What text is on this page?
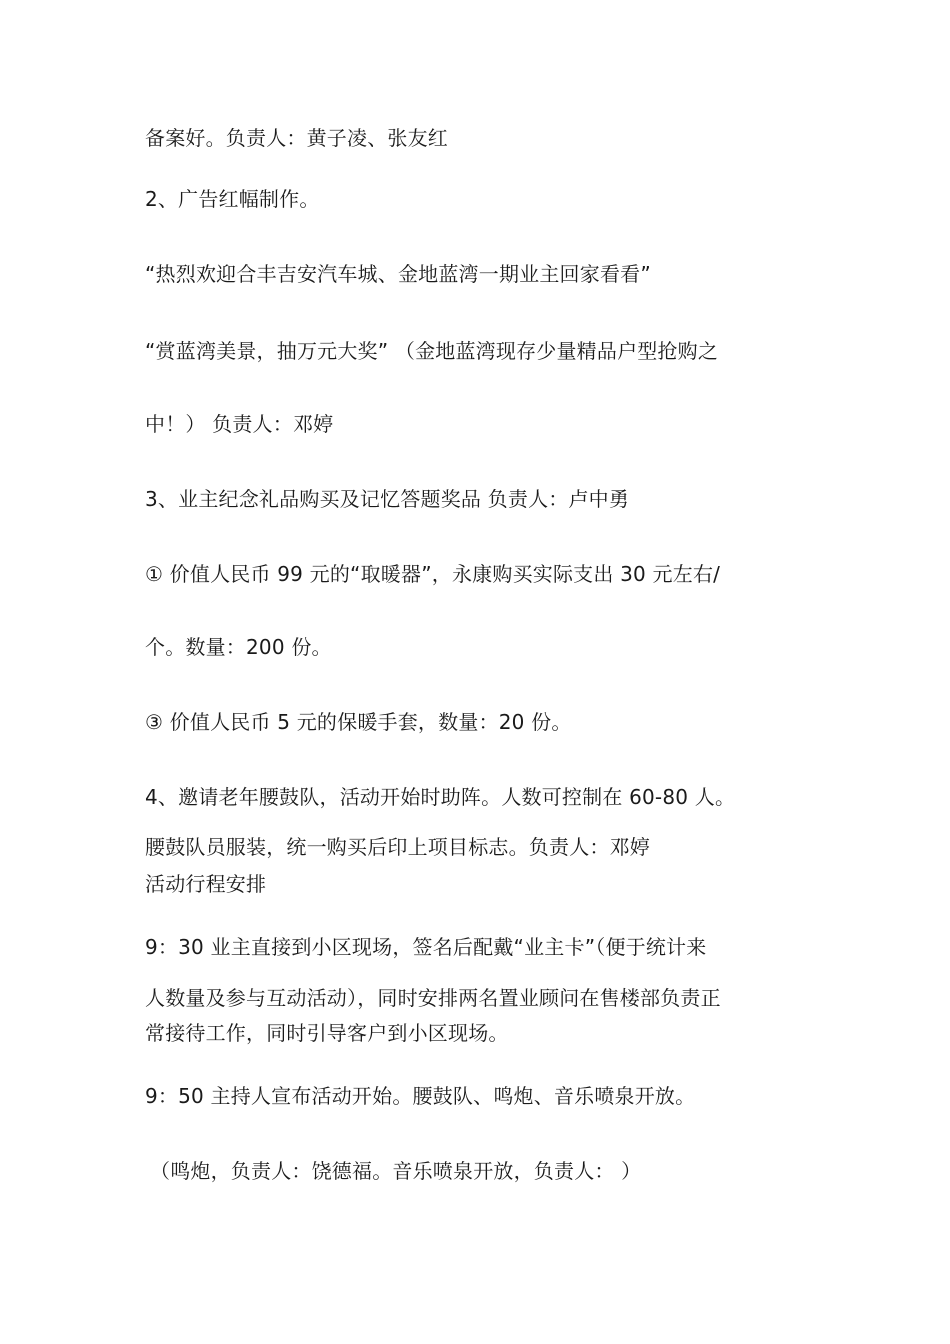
备案好。负责人：黄子凌、张友红
2、广告红幅制作。
“热烈欢迎合丰吉安汽车城、金地蓝湾一期业主回家看看”
“赏蓝湾美景，抽万元大奖” （金地蓝湾现存少量精品户型抢购之
中！） 负责人：邓婷
3、业主纪念礼品购买及记忆答题奖品 负责人：卢中勇
① 价值人民币 99 元的“取暖器”，永康购买实际支出 30 元左右/
个。数量：200 份。
③ 价值人民币 5 元的保暖手套，数量：20 份。
4、邀请老年腰鼓队，活动开始时助阵。人数可控制在 60-80 人。
腰鼓队员服装，统一购买后印上项目标志。负责人：邓婷
活动行程安排
9：30 业主直接到小区现场，签名后配戴“业主卡”（便于统计来
人数量及参与互动活动），同时安排两名置业顾问在售楼部负责正
常接待工作，同时引导客户到小区现场。
9：50 主持人宣布活动开始。腰鼓队、鸣炮、音乐喷泉开放。
（鸣炮，负责人：饶德福。音乐喷泉开放，负责人： ）
